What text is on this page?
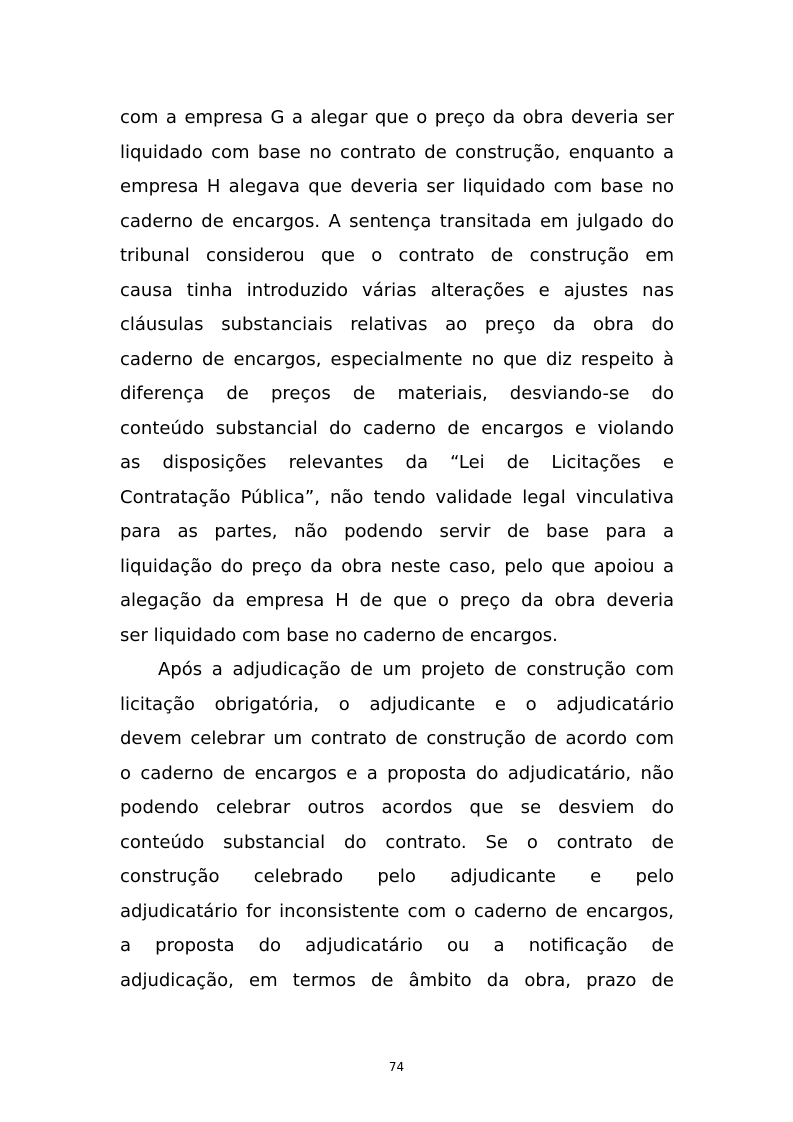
com a empresa G a alegar que o preço da obra deveria ser
liquidado com base no contrato de construção, enquanto a
empresa H alegava que deveria ser liquidado com base no
caderno de encargos. A sentença transitada em julgado do
tribunal considerou que o contrato de construção em
causa tinha introduzido várias alterações e ajustes nas
cláusulas substanciais relativas ao preço da obra do
caderno de encargos, especialmente no que diz respeito à
diferença de preços de materiais, desviando-se do
conteúdo substancial do caderno de encargos e violando
as disposições relevantes da “Lei de Licitações e
Contratação Pública”, não tendo validade legal vinculativa
para as partes, não podendo servir de base para a
liquidação do preço da obra neste caso, pelo que apoiou a
alegação da empresa H de que o preço da obra deveria
ser liquidado com base no caderno de encargos.
Após a adjudicação de um projeto de construção com
licitação obrigatória, o adjudicante e o adjudicatário
devem celebrar um contrato de construção de acordo com
o caderno de encargos e a proposta do adjudicatário, não
podendo celebrar outros acordos que se desviem do
conteúdo substancial do contrato. Se o contrato de
construção celebrado pelo adjudicante e pelo
adjudicatário for inconsistente com o caderno de encargos,
a proposta do adjudicatário ou a notificação de
adjudicação, em termos de âmbito da obra, prazo de
74
